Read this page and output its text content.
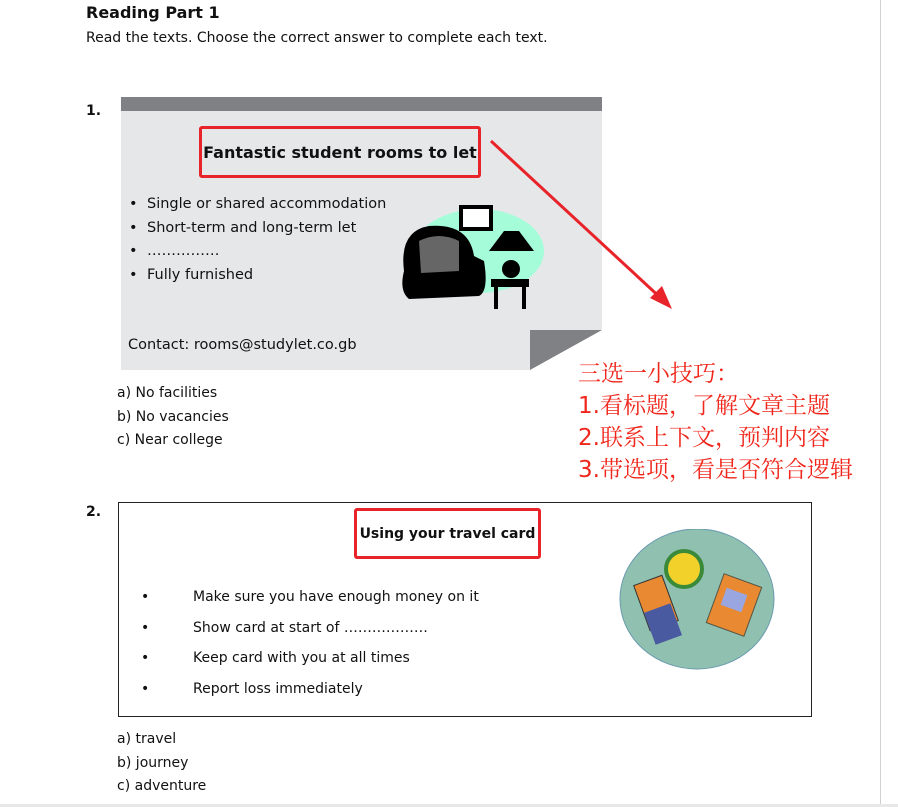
Reading Part 1
Read the texts. Choose the correct answer to complete each text.
1.
Fantastic student rooms to let
• Single or shared accommodation
• Short-term and long-term let
• ……………
• Fully furnished
Contact: rooms@studylet.co.gb
a) No facilities
b) No vacancies
c) Near college
三选一小技巧：
1.看标题，了解文章主题
2.联系上下文，预判内容
3.带选项，看是否符合逻辑
2.
Using your travel card
• Make sure you have enough money on it
• Show card at start of ………………
• Keep card with you at all times
• Report loss immediately
a) travel
b) journey
c) adventure
